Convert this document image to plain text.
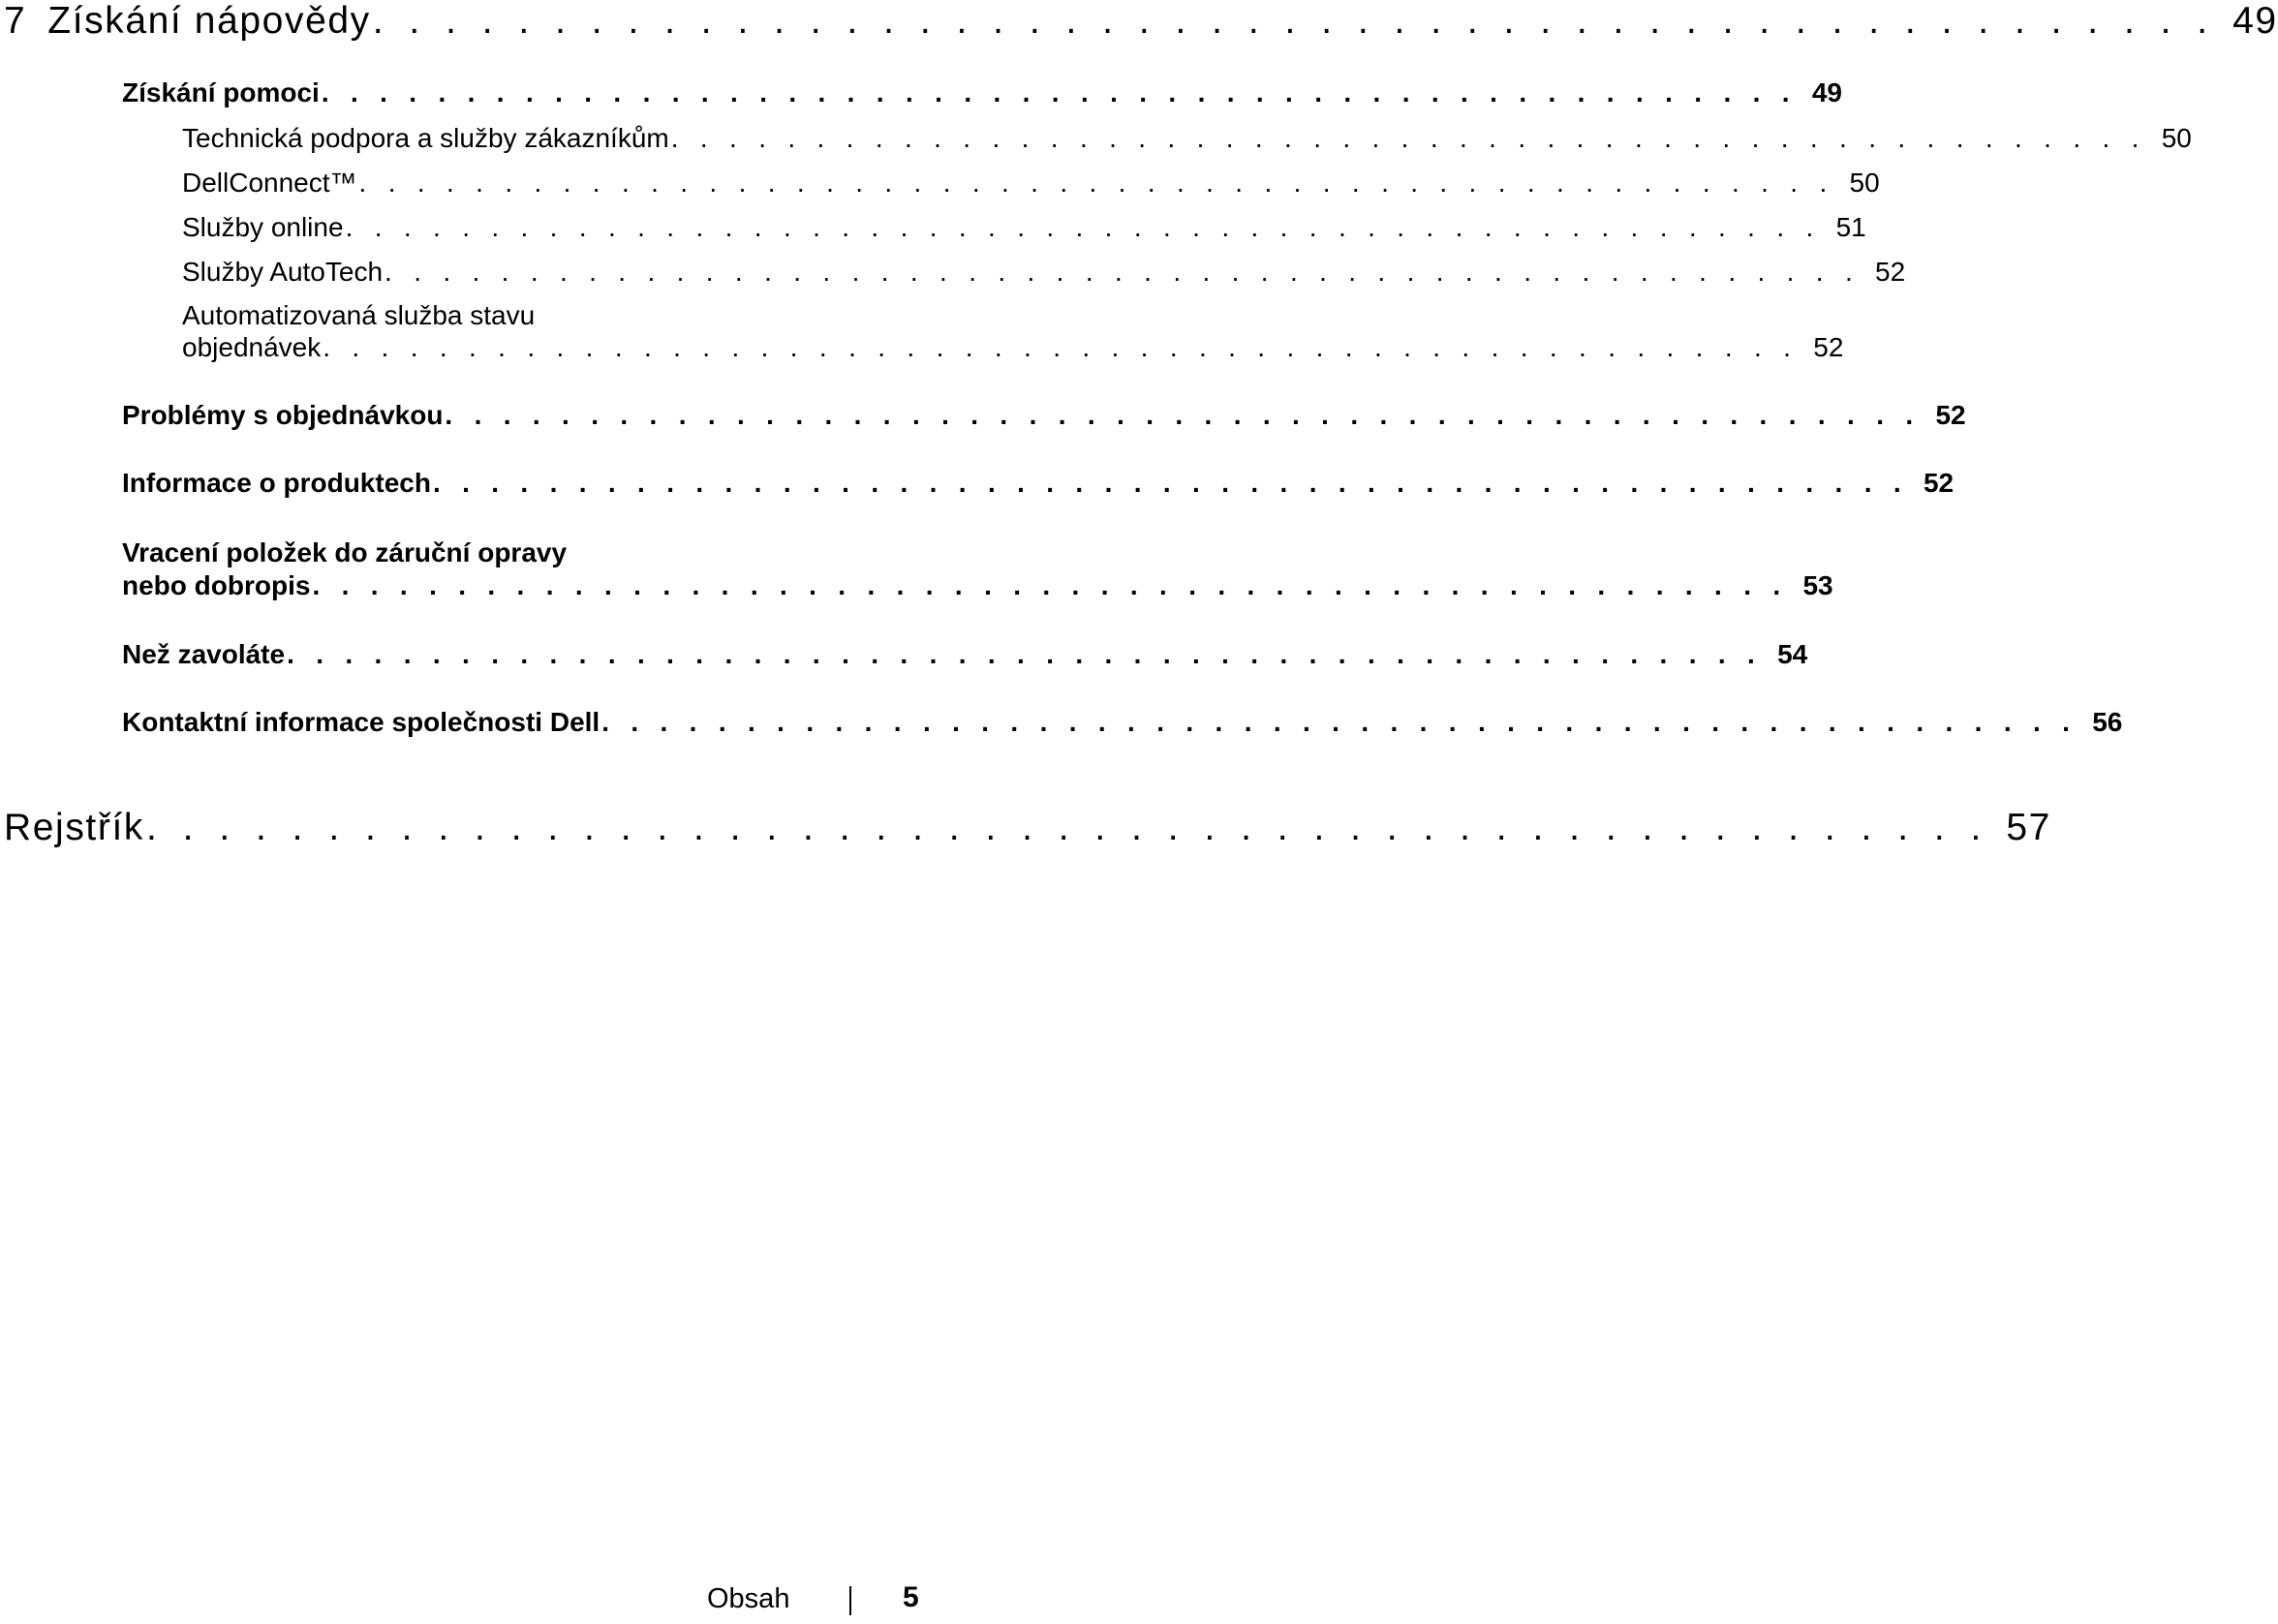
7 Získání nápovědy . . . . . . . . . . . . . . . . . . . . . . . . . . . . . . . . . . . . . . . . . . . . . . . . . . . 49
Získání pomoci . . . . . . . . . . . . . . . . . . . . . . . . . . . . . . . . . . . . . . . . . . . . . . . . . . . 49
Technická podpora a služby zákazníkům . . . . . . . . . . . . . . . . . . . . . . . . . . . . . . . . . . . . . . . . . . . . . . . . . . . 50
DellConnect™ . . . . . . . . . . . . . . . . . . . . . . . . . . . . . . . . . . . . . . . . . . . . . . . . . . . 50
Služby online . . . . . . . . . . . . . . . . . . . . . . . . . . . . . . . . . . . . . . . . . . . . . . . . . . . 51
Služby AutoTech . . . . . . . . . . . . . . . . . . . . . . . . . . . . . . . . . . . . . . . . . . . . . . . . . . . 52
Automatizovaná služba stavu
objednávek . . . . . . . . . . . . . . . . . . . . . . . . . . . . . . . . . . . . . . . . . . . . . . . . . . . 52
Problémy s objednávkou . . . . . . . . . . . . . . . . . . . . . . . . . . . . . . . . . . . . . . . . . . . . . . . . . . . 52
Informace o produktech . . . . . . . . . . . . . . . . . . . . . . . . . . . . . . . . . . . . . . . . . . . . . . . . . . . 52
Vracení položek do záruční opravy
nebo dobropis . . . . . . . . . . . . . . . . . . . . . . . . . . . . . . . . . . . . . . . . . . . . . . . . . . . 53
Než zavoláte . . . . . . . . . . . . . . . . . . . . . . . . . . . . . . . . . . . . . . . . . . . . . . . . . . . 54
Kontaktní informace společnosti Dell . . . . . . . . . . . . . . . . . . . . . . . . . . . . . . . . . . . . . . . . . . . . . . . . . . . 56
Rejstřík . . . . . . . . . . . . . . . . . . . . . . . . . . . . . . . . . . . . . . . . . . . . . . . . . . . 57
Obsah	5
